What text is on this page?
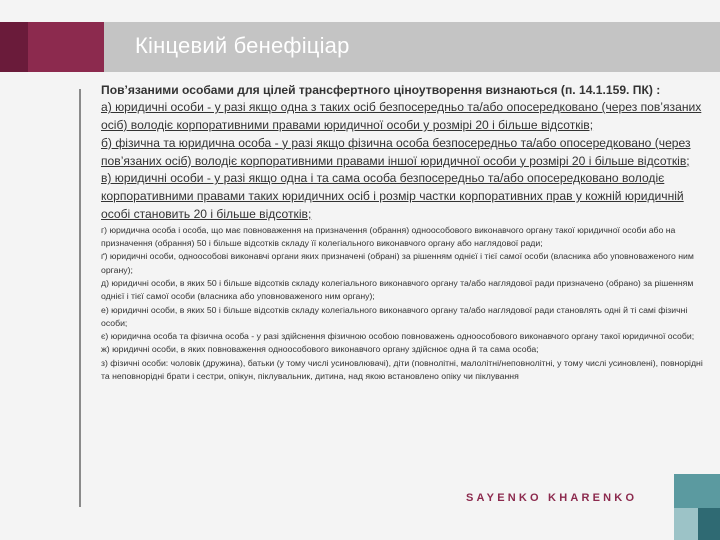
Кінцевий бенефіціар

Пов’язаними особами для цілей трансфертного ціноутворення визнаються (п. 14.1.159. ПК) :

а) юридичні особи - у разі якщо одна з таких осіб безпосередньо та/або опосередковано (через пов’язаних осіб) володіє корпоративними правами юридичної особи у розмірі 20 і більше відсотків;

б) фізична та юридична особа - у разі якщо фізична особа безпосередньо та/або опосередковано (через пов’язаних осіб) володіє корпоративними правами іншої юридичної особи у розмірі 20 і більше відсотків;

в) юридичні особи - у разі якщо одна і та сама особа безпосередньо та/або опосередковано володіє корпоративними правами таких юридичних осіб і розмір частки корпоративних прав у кожній юридичній особі становить 20 і більше відсотків;

г) юридична особа і особа, що має повноваження на призначення (обрання) одноособового виконавчого органу такої юридичної особи або на призначення (обрання) 50 і більше відсотків складу її колегіального виконавчого органу або наглядової ради;

ґ) юридичні особи, одноособові виконавчі органи яких призначені (обрані) за рішенням однієї і тієї самої особи (власника або уповноваженого ним органу);

д) юридичні особи, в яких 50 і більше відсотків складу колегіального виконавчого органу та/або наглядової ради призначено (обрано) за рішенням однієї і тієї самої особи (власника або уповноваженого ним органу);

е) юридичні особи, в яких 50 і більше відсотків складу колегіального виконавчого органу та/або наглядової ради становлять одні й ті самі фізичні особи;

є) юридична особа та фізична особа - у разі здійснення фізичною особою повноважень одноособового виконавчого органу такої юридичної особи;

ж) юридичні особи, в яких повноваження одноособового виконавчого органу здійснює одна й та сама особа;

з) фізичні особи: чоловік (дружина), батьки (у тому числі усиновлювачі), діти (повнолітні, малолітні/неповнолітні, у тому числі усиновлені), повнорідні та неповнорідні брати і сестри, опікун, піклувальник, дитина, над якою встановлено опіку чи піклування

SAYENKO KHARENKO
